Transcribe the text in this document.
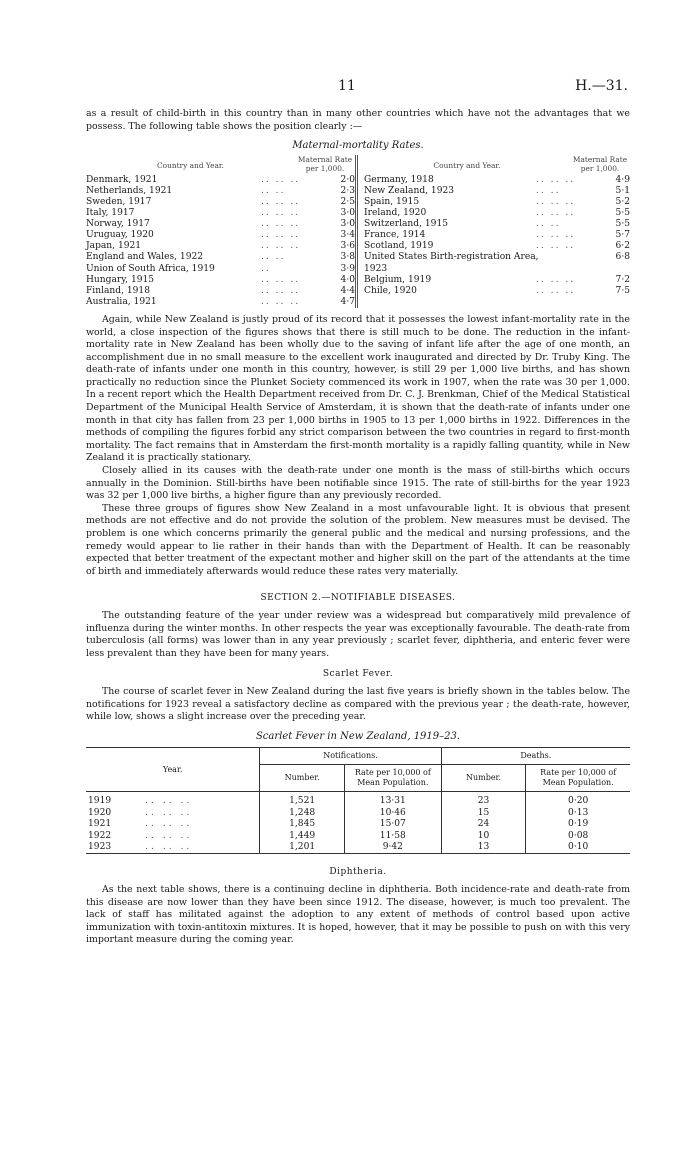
11	H.—31.

as a result of child-birth in this country than in many other countries which have not the advantages that we possess. The following table shows the position clearly :—

Maternal-mortality Rates.
Country and Year.
Maternal Rate per 1,000.
Denmark, 1921	.. .. ..	2·0
Netherlands, 1921	.. ..	2·3
Sweden, 1917	.. .. ..	2·5
Italy, 1917	.. .. ..	3·0
Norway, 1917	.. .. ..	3·0
Uruguay, 1920	.. .. ..	3·4
Japan, 1921	.. .. ..	3·6
England and Wales, 1922	.. ..	3·8
Union of South Africa, 1919	..	3·9
Hungary, 1915	.. .. ..	4·0
Finland, 1918	.. .. ..	4·4
Australia, 1921	.. .. ..	4·7
Country and Year.
Maternal Rate per 1,000.
Germany, 1918	.. .. ..	4·9
New Zealand, 1923	.. ..	5·1
Spain, 1915	.. .. ..	5·2
Ireland, 1920	.. .. ..	5·5
Switzerland, 1915	.. ..	5·5
France, 1914	.. .. ..	5·7
Scotland, 1919	.. .. ..	6·2
United States Birth-registration Area,	6·8
1923
Belgium, 1919	.. .. ..	7·2
Chile, 1920	.. .. ..	7·5

Again, while New Zealand is justly proud of its record that it possesses the lowest infant-mortality rate in the world, a close inspection of the figures shows that there is still much to be done. The reduction in the infant-mortality rate in New Zealand has been wholly due to the saving of infant life after the age of one month, an accomplishment due in no small measure to the excellent work inaugurated and directed by Dr. Truby King. The death-rate of infants under one month in this country, however, is still 29 per 1,000 live births, and has shown practically no reduction since the Plunket Society commenced its work in 1907, when the rate was 30 per 1,000. In a recent report which the Health Department received from Dr. C. J. Brenkman, Chief of the Medical Statistical Department of the Municipal Health Service of Amsterdam, it is shown that the death-rate of infants under one month in that city has fallen from 23 per 1,000 births in 1905 to 13 per 1,000 births in 1922. Differences in the methods of compiling the figures forbid any strict comparison between the two countries in regard to first-month mortality. The fact remains that in Amsterdam the first-month mortality is a rapidly falling quantity, while in New Zealand it is practically stationary.

Closely allied in its causes with the death-rate under one month is the mass of still-births which occurs annually in the Dominion. Still-births have been notifiable since 1915. The rate of still-births for the year 1923 was 32 per 1,000 live births, a higher figure than any previously recorded.

These three groups of figures show New Zealand in a most unfavourable light. It is obvious that present methods are not effective and do not provide the solution of the problem. New measures must be devised. The problem is one which concerns primarily the general public and the medical and nursing professions, and the remedy would appear to lie rather in their hands than with the Department of Health. It can be reasonably expected that better treatment of the expectant mother and higher skill on the part of the attendants at the time of birth and immediately afterwards would reduce these rates very materially.

SECTION 2.—NOTIFIABLE DISEASES.

The outstanding feature of the year under review was a widespread but comparatively mild prevalence of influenza during the winter months. In other respects the year was exceptionally favourable. The death-rate from tuberculosis (all forms) was lower than in any year previously ; scarlet fever, diphtheria, and enteric fever were less prevalent than they have been for many years.

Scarlet Fever.

The course of scarlet fever in New Zealand during the last five years is briefly shown in the tables below. The notifications for 1923 reveal a satisfactory decline as compared with the previous year ; the death-rate, however, while low, shows a slight increase over the preceding year.

Scarlet Fever in New Zealand, 1919–23.
Year.	Notifications.		Deaths.	
	Number.	Rate per 10,000 of Mean Population.	Number.	Rate per 10,000 of Mean Population.
1919 .. .. ..	1,521	13·31	23	0·20
1920 .. .. ..	1,248	10·46	15	0·13
1921 .. .. ..	1,845	15·07	24	0·19
1922 .. .. ..	1,449	11·58	10	0·08
1923 .. .. ..	1,201	9·42	13	0·10
Diphtheria.

As the next table shows, there is a continuing decline in diphtheria. Both incidence-rate and death-rate from this disease are now lower than they have been since 1912. The disease, however, is much too prevalent. The lack of staff has militated against the adoption to any extent of methods of control based upon active immunization with toxin-antitoxin mixtures. It is hoped, however, that it may be possible to push on with this very important measure during the coming year.
